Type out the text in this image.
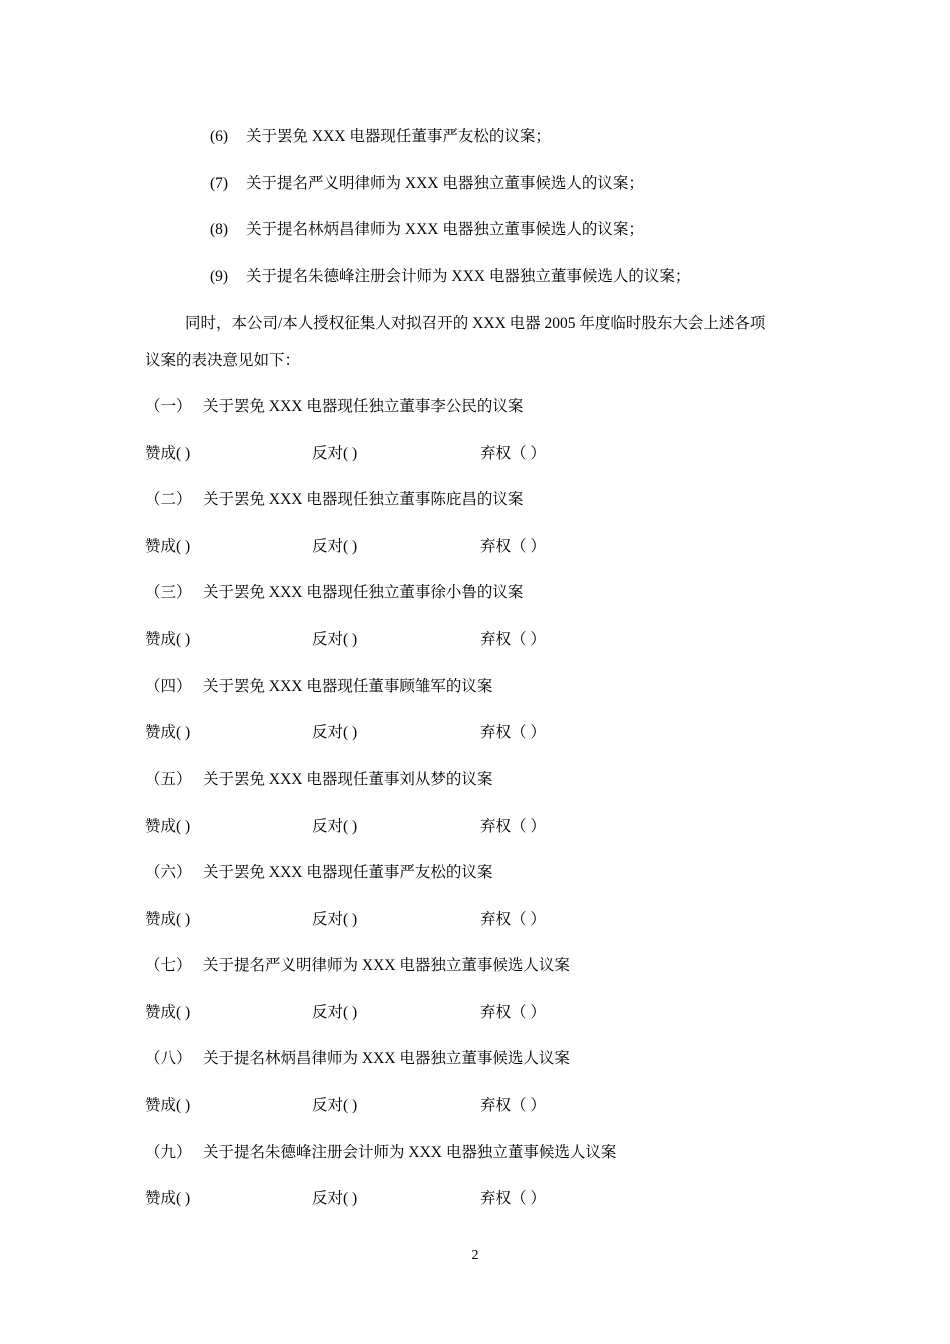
(6) 关于罢免 XXX 电器现任董事严友松的议案；
(7) 关于提名严义明律师为 XXX 电器独立董事候选人的议案；
(8) 关于提名林炳昌律师为 XXX 电器独立董事候选人的议案；
(9) 关于提名朱德峰注册会计师为 XXX 电器独立董事候选人的议案；
同时，本公司/本人授权征集人对拟召开的 XXX 电器 2005 年度临时股东大会上述各项
议案的表决意见如下：
（一） 关于罢免 XXX 电器现任独立董事李公民的议案
赞成( )	反对( )	弃权（ ）
（二） 关于罢免 XXX 电器现任独立董事陈庇昌的议案
赞成( )	反对( )	弃权（ ）
（三） 关于罢免 XXX 电器现任独立董事徐小鲁的议案
赞成( )	反对( )	弃权（ ）
（四） 关于罢免 XXX 电器现任董事顾雏军的议案
赞成( )	反对( )	弃权（ ）
（五） 关于罢免 XXX 电器现任董事刘从梦的议案
赞成( )	反对( )	弃权（ ）
（六） 关于罢免 XXX 电器现任董事严友松的议案
赞成( )	反对( )	弃权（ ）
（七） 关于提名严义明律师为 XXX 电器独立董事候选人议案
赞成( )	反对( )	弃权（ ）
（八） 关于提名林炳昌律师为 XXX 电器独立董事候选人议案
赞成( )	反对( )	弃权（ ）
（九） 关于提名朱德峰注册会计师为 XXX 电器独立董事候选人议案
赞成( )	反对( )	弃权（ ）
2
